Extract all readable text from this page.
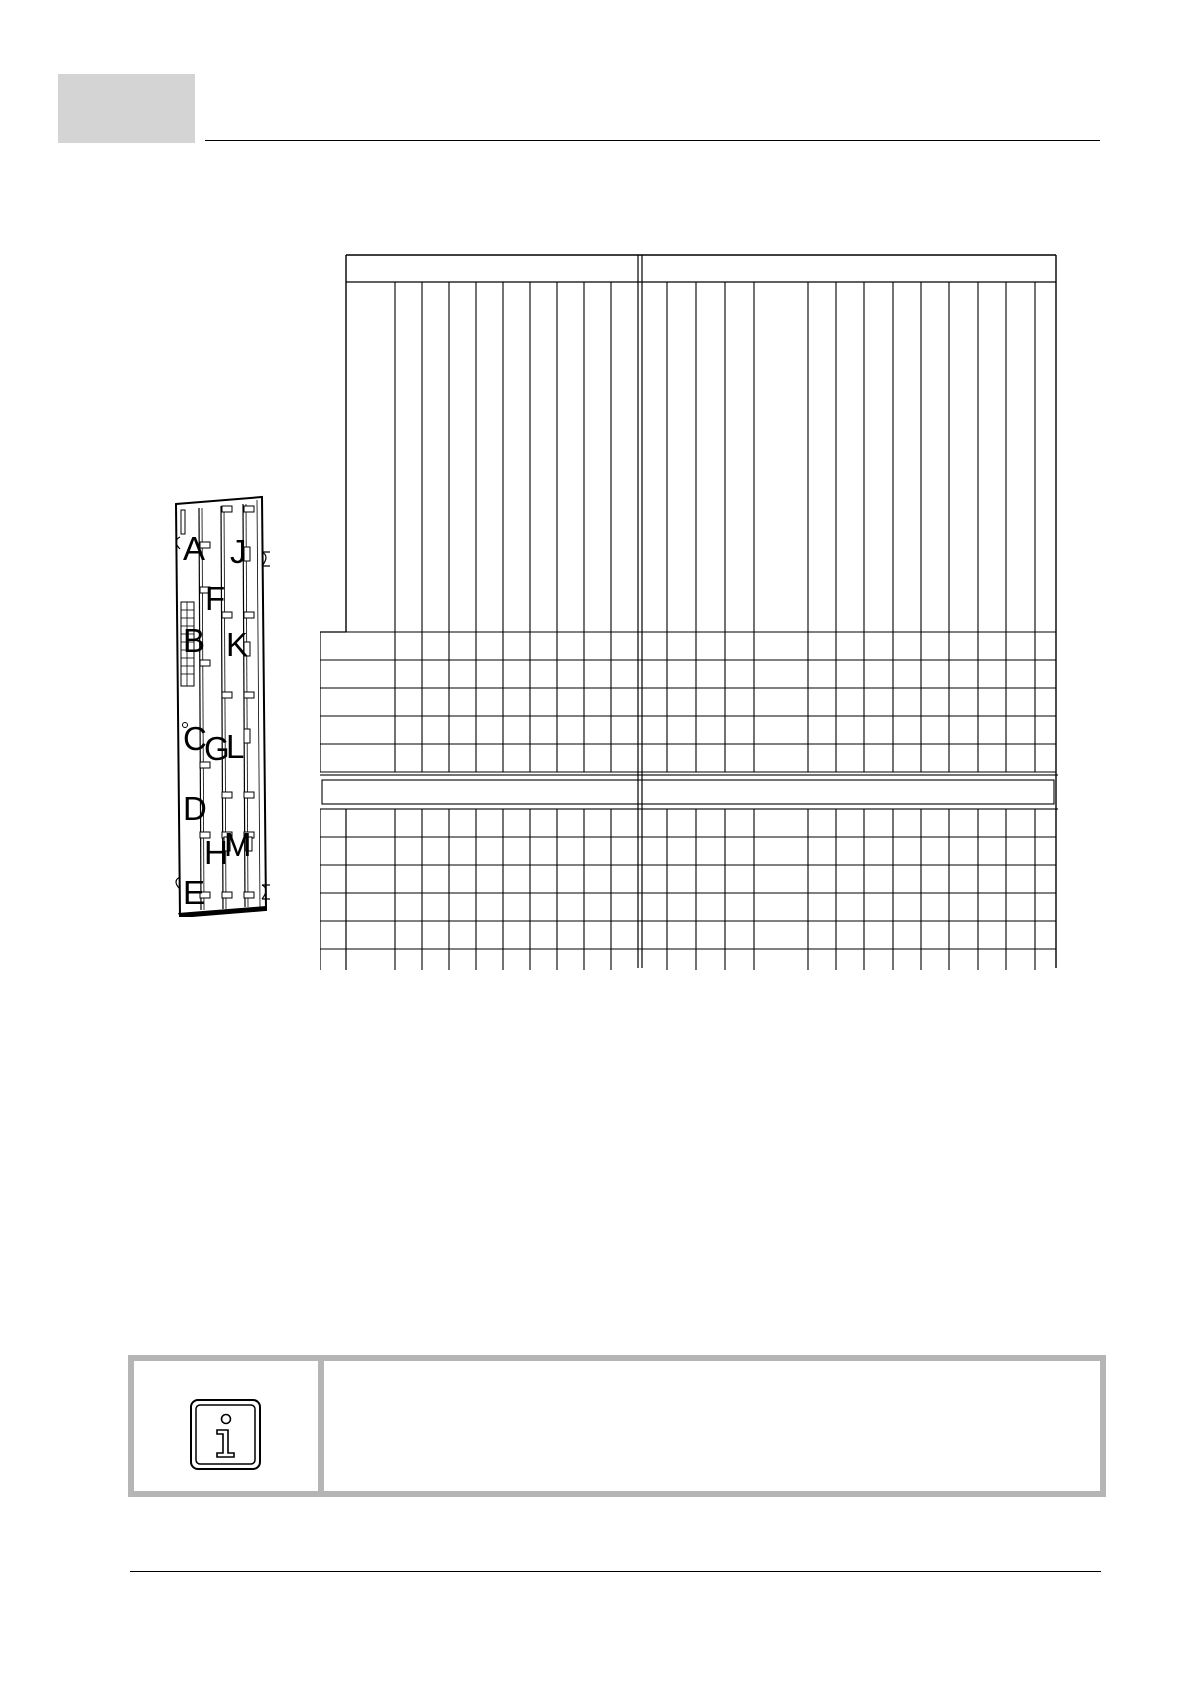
A
B
C
D
E
F
G
H
J
K
L
M
